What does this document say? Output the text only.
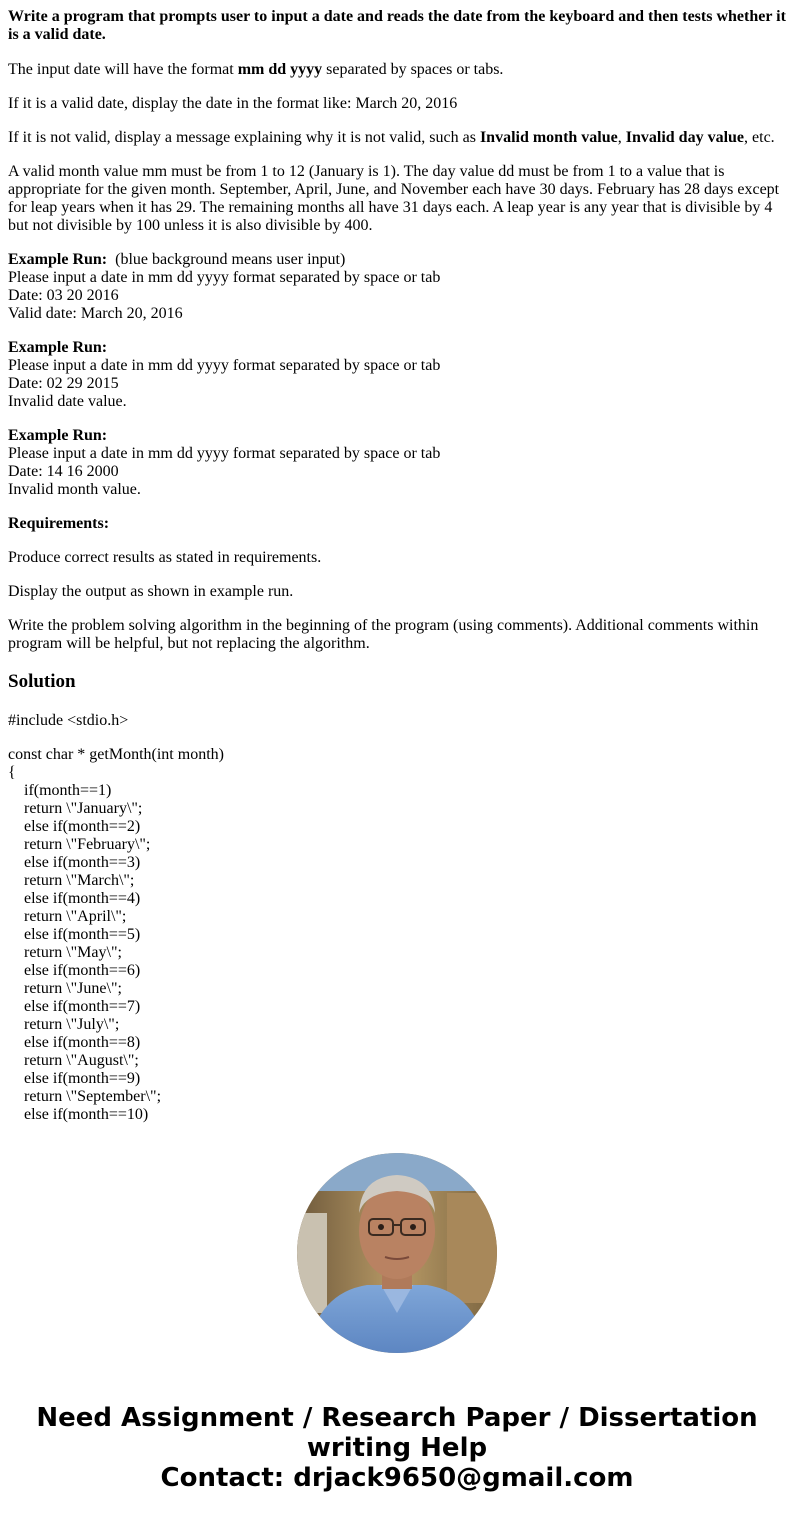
Write a program that prompts user to input a date and reads the date from the keyboard and then tests whether it is a valid date.

The input date will have the format mm dd yyyy separated by spaces or tabs.

If it is a valid date, display the date in the format like: March 20, 2016

If it is not valid, display a message explaining why it is not valid, such as Invalid month value, Invalid day value, etc.

A valid month value mm must be from 1 to 12 (January is 1). The day value dd must be from 1 to a value that is appropriate for the given month. September, April, June, and November each have 30 days. February has 28 days except for leap years when it has 29. The remaining months all have 31 days each. A leap year is any year that is divisible by 4 but not divisible by 100 unless it is also divisible by 400.

Example Run:  (blue background means user input)
Please input a date in mm dd yyyy format separated by space or tab
Date: 03 20 2016
Valid date: March 20, 2016
Example Run:
Please input a date in mm dd yyyy format separated by space or tab
Date: 02 29 2015
Invalid date value.
Example Run:
Please input a date in mm dd yyyy format separated by space or tab
Date: 14 16 2000
Invalid month value.

Requirements:

Produce correct results as stated in requirements.

Display the output as shown in example run.

Write the problem solving algorithm in the beginning of the program (using comments). Additional comments within program will be helpful, but not replacing the algorithm.

Solution

#include <stdio.h>

const char * getMonth(int month)
{
if(month==1)
return \"January\";
else if(month==2)
return \"February\";
else if(month==3)
return \"March\";
else if(month==4)
return \"April\";
else if(month==5)
return \"May\";
else if(month==6)
return \"June\";
else if(month==7)
return \"July\";
else if(month==8)
return \"August\";
else if(month==9)
return \"September\";
else if(month==10)
Need Assignment / Research Paper / Dissertation
writing Help
Contact: drjack9650@gmail.com
